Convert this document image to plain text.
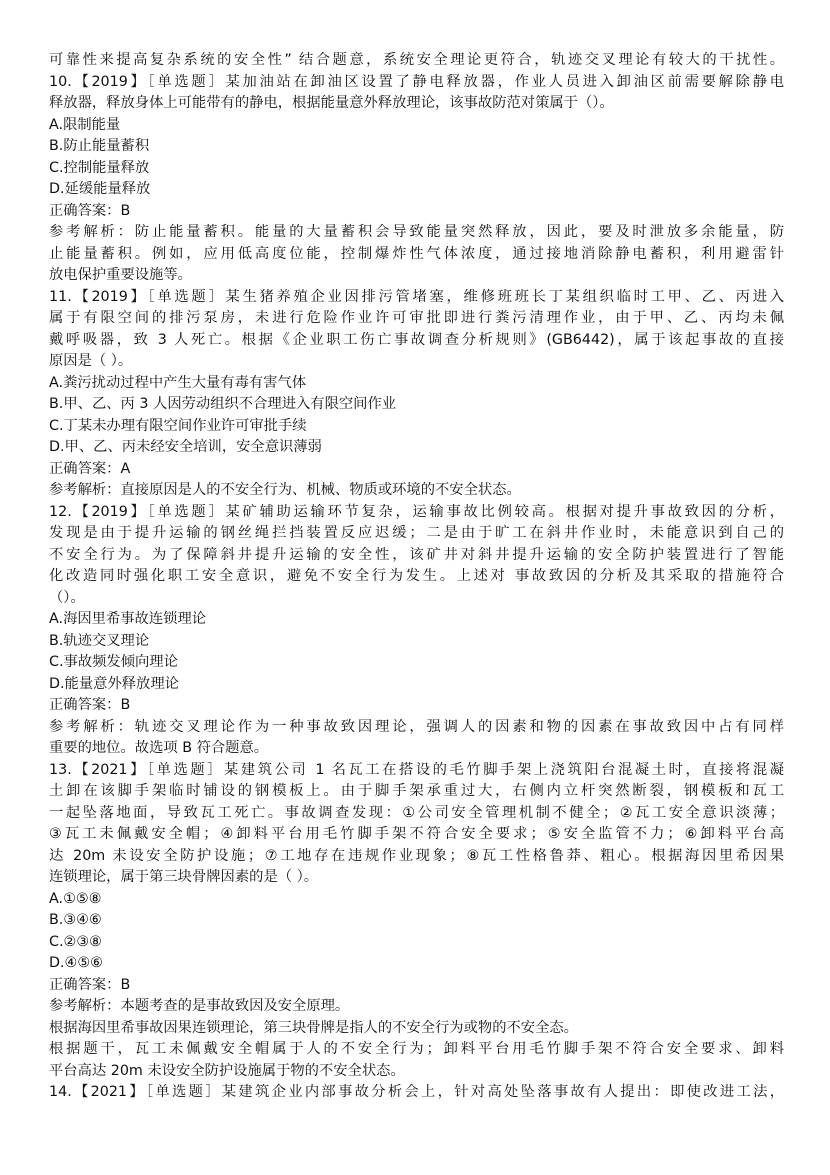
可靠性来提高复杂系统的安全性” 结合题意，系统安全理论更符合，轨迹交叉理论有较大的干扰性。
10.【2019】［单选题］某加油站在卸油区设置了静电释放器，作业人员进入卸油区前需要解除静电
释放器，释放身体上可能带有的静电，根据能量意外释放理论，该事故防范对策属于（）。
A.限制能量
B.防止能量蓄积
C.控制能量释放
D.延缓能量释放
正确答案：B
参考解析：防止能量蓄积。能量的大量蓄积会导致能量突然释放，因此，要及时泄放多余能量，防
止能量蓄积。例如，应用低高度位能，控制爆炸性气体浓度，通过接地消除静电蓄积，利用避雷针
放电保护重要设施等。
11.【2019】［单选题］某生猪养殖企业因排污管堵塞，维修班班长丁某组织临时工甲、乙、丙进入
属于有限空间的排污泵房，未进行危险作业许可审批即进行粪污清理作业，由于甲、乙、丙均未佩
戴呼吸器，致 3 人死亡。根据《企业职工伤亡事故调查分析规则》(GB6442)，属于该起事故的直接
原因是（ ）。
A.粪污扰动过程中产生大量有毒有害气体
B.甲、乙、丙 3 人因劳动组织不合理进入有限空间作业
C.丁某未办理有限空间作业许可审批手续
D.甲、乙、丙未经安全培训，安全意识薄弱
正确答案：A
参考解析：直接原因是人的不安全行为、机械、物质或环境的不安全状态。
12.【2019】［单选题］某矿辅助运输环节复杂，运输事故比例较高。根据对提升事故致因的分析，
发现是由于提升运输的钢丝绳拦挡装置反应迟缓；二是由于旷工在斜井作业时，未能意识到自己的
不安全行为。为了保障斜井提升运输的安全性，该矿井对斜井提升运输的安全防护装置进行了智能
化改造同时强化职工安全意识，避免不安全行为发生。上述对 事故致因的分析及其采取的措施符合
（）。
A.海因里希事故连锁理论
B.轨迹交叉理论
C.事故频发倾向理论
D.能量意外释放理论
正确答案：B
参考解析：轨迹交叉理论作为一种事故致因理论，强调人的因素和物的因素在事故致因中占有同样
重要的地位。故选项 B 符合题意。
13.【2021】［单选题］某建筑公司 1 名瓦工在搭设的毛竹脚手架上浇筑阳台混凝土时，直接将混凝
土卸在该脚手架临时铺设的钢模板上。由于脚手架承重过大，右侧内立杆突然断裂，钢模板和瓦工
一起坠落地面，导致瓦工死亡。事故调查发现：①公司安全管理机制不健全；②瓦工安全意识淡薄；
③瓦工未佩戴安全帽；④卸料平台用毛竹脚手架不符合安全要求；⑤安全监管不力；⑥卸料平台高
达 20m 未设安全防护设施；⑦工地存在违规作业现象；⑧瓦工性格鲁莽、粗心。根据海因里希因果
连锁理论，属于第三块骨牌因素的是（ ）。
A.①⑤⑧
B.③④⑥
C.②③⑧
D.④⑤⑥
正确答案：B
参考解析：本题考查的是事故致因及安全原理。
根据海因里希事故因果连锁理论，第三块骨牌是指人的不安全行为或物的不安全态。
根据题干，瓦工未佩戴安全帽属于人的不安全行为；卸料平台用毛竹脚手架不符合安全要求、卸料
平台高达 20m 未设安全防护设施属于物的不安全状态。
14.【2021】［单选题］某建筑企业内部事故分析会上，针对高处坠落事故有人提出：即使改进工法，
